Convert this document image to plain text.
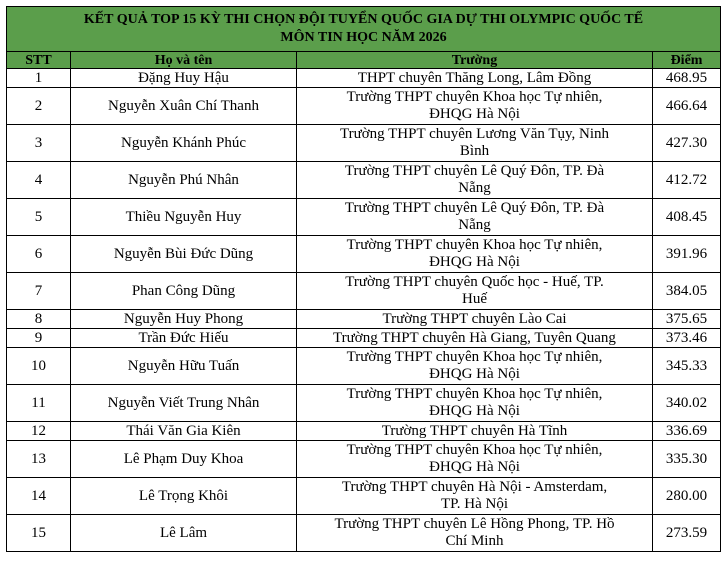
KẾT QUẢ TOP 15 KỲ THI CHỌN ĐỘI TUYỂN QUỐC GIA DỰ THI OLYMPIC QUỐC TẾ
MÔN TIN HỌC NĂM 2026			

STT	Họ và tên	Trường	Điểm
1	Đặng Huy Hậu	THPT chuyên Thăng Long, Lâm Đồng	468.95
2	Nguyễn Xuân Chí Thanh	Trường THPT chuyên Khoa học Tự nhiên,
ĐHQG Hà Nội	466.64
3	Nguyễn Khánh Phúc	Trường THPT chuyên Lương Văn Tụy, Ninh
Bình	427.30
4	Nguyễn Phú Nhân	Trường THPT chuyên Lê Quý Đôn, TP. Đà
Nẵng	412.72
5	Thiều Nguyễn Huy	Trường THPT chuyên Lê Quý Đôn, TP. Đà
Nẵng	408.45
6	Nguyễn Bùi Đức Dũng	Trường THPT chuyên Khoa học Tự nhiên,
ĐHQG Hà Nội	391.96
7	Phan Công Dũng	Trường THPT chuyên Quốc học - Huế, TP.
Huế	384.05
8	Nguyễn Huy Phong	Trường THPT chuyên Lào Cai	375.65
9	Trần Đức Hiếu	Trường THPT chuyên Hà Giang, Tuyên Quang	373.46
10	Nguyễn Hữu Tuấn	Trường THPT chuyên Khoa học Tự nhiên,
ĐHQG Hà Nội	345.33
11	Nguyễn Viết Trung Nhân	Trường THPT chuyên Khoa học Tự nhiên,
ĐHQG Hà Nội	340.02
12	Thái Văn Gia Kiên	Trường THPT chuyên Hà Tĩnh	336.69
13	Lê Phạm Duy Khoa	Trường THPT chuyên Khoa học Tự nhiên,
ĐHQG Hà Nội	335.30
14	Lê Trọng Khôi	Trường THPT chuyên Hà Nội - Amsterdam,
TP. Hà Nội	280.00
15	Lê Lâm	Trường THPT chuyên Lê Hồng Phong, TP. Hồ
Chí Minh	273.59
